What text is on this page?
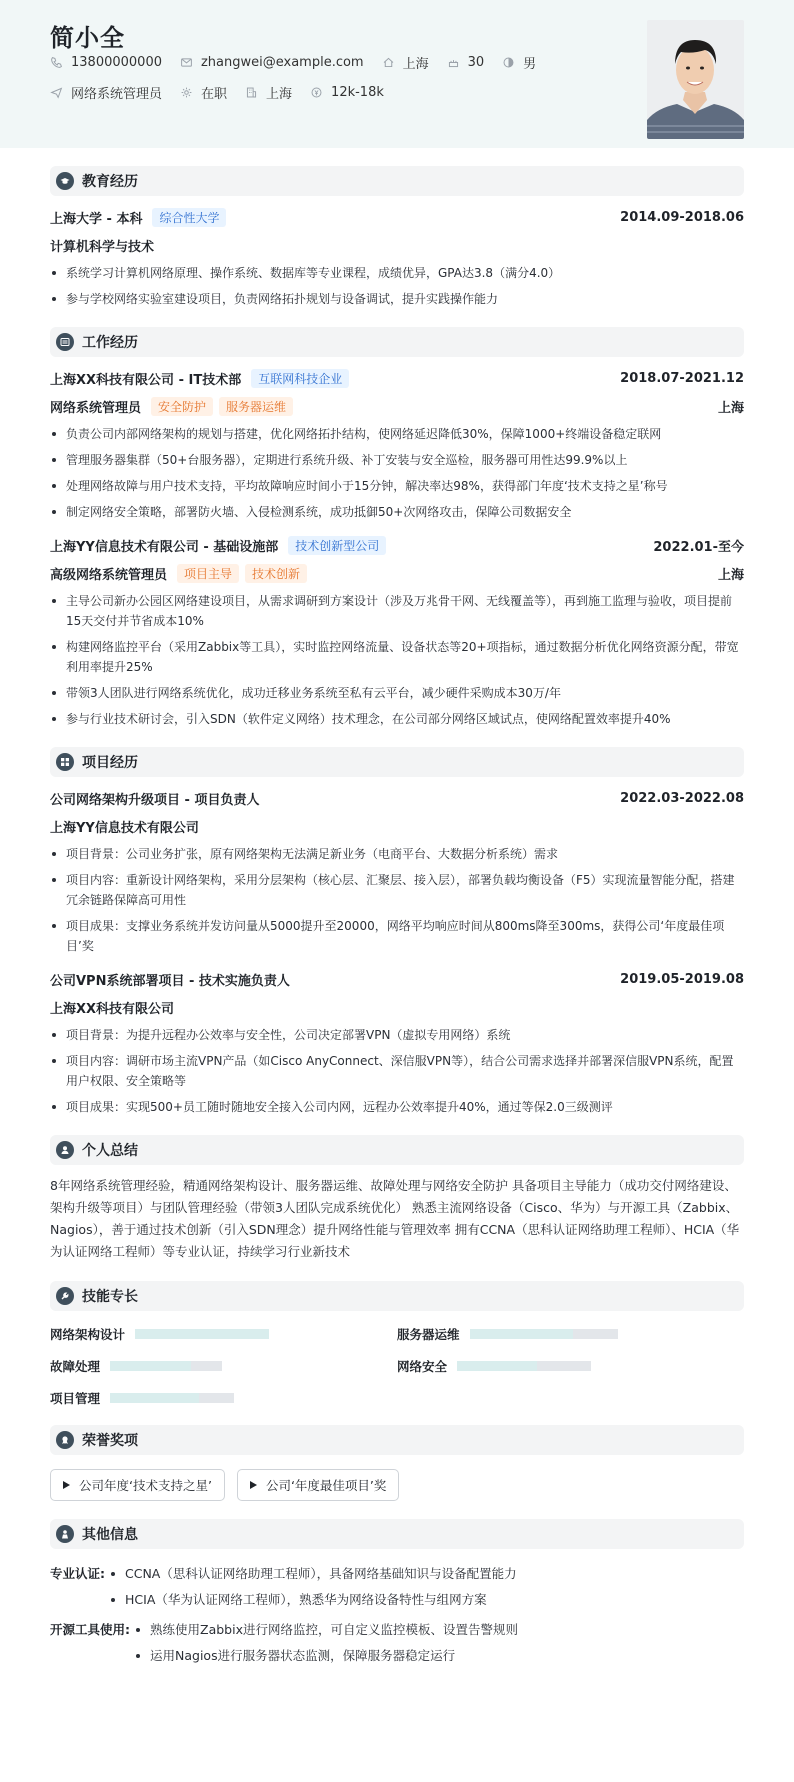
简小全
13800000000	zhangwei@example.com	上海	30	男
网络系统管理员	在职	上海	12k-18k
教育经历
上海大学 - 本科	综合性大学	2014.09-2018.06
计算机科学与技术
系统学习计算机网络原理、操作系统、数据库等专业课程，成绩优异，GPA达3.8（满分4.0）
参与学校网络实验室建设项目，负责网络拓扑规划与设备调试，提升实践操作能力
工作经历
上海XX科技有限公司 - IT技术部	互联网科技企业	2018.07-2021.12
网络系统管理员	安全防护	服务器运维	上海
负责公司内部网络架构的规划与搭建，优化网络拓扑结构，使网络延迟降低30%，保障1000+终端设备稳定联网
管理服务器集群（50+台服务器），定期进行系统升级、补丁安装与安全巡检，服务器可用性达99.9%以上
处理网络故障与用户技术支持，平均故障响应时间小于15分钟，解决率达98%，获得部门年度‘技术支持之星’称号
制定网络安全策略，部署防火墙、入侵检测系统，成功抵御50+次网络攻击，保障公司数据安全
上海YY信息技术有限公司 - 基础设施部	技术创新型公司	2022.01-至今
高级网络系统管理员	项目主导	技术创新	上海
主导公司新办公园区网络建设项目，从需求调研到方案设计（涉及万兆骨干网、无线覆盖等），再到施工监理与验收，项目提前15天交付并节省成本10%
构建网络监控平台（采用Zabbix等工具），实时监控网络流量、设备状态等20+项指标，通过数据分析优化网络资源分配，带宽利用率提升25%
带领3人团队进行网络系统优化，成功迁移业务系统至私有云平台，减少硬件采购成本30万/年
参与行业技术研讨会，引入SDN（软件定义网络）技术理念，在公司部分网络区域试点，使网络配置效率提升40%
项目经历
公司网络架构升级项目 - 项目负责人	2022.03-2022.08
上海YY信息技术有限公司
项目背景：公司业务扩张，原有网络架构无法满足新业务（电商平台、大数据分析系统）需求
项目内容：重新设计网络架构，采用分层架构（核心层、汇聚层、接入层），部署负载均衡设备（F5）实现流量智能分配，搭建冗余链路保障高可用性
项目成果：支撑业务系统并发访问量从5000提升至20000，网络平均响应时间从800ms降至300ms，获得公司‘年度最佳项目’奖
公司VPN系统部署项目 - 技术实施负责人	2019.05-2019.08
上海XX科技有限公司
项目背景：为提升远程办公效率与安全性，公司决定部署VPN（虚拟专用网络）系统
项目内容：调研市场主流VPN产品（如Cisco AnyConnect、深信服VPN等），结合公司需求选择并部署深信服VPN系统，配置用户权限、安全策略等
项目成果：实现500+员工随时随地安全接入公司内网，远程办公效率提升40%，通过等保2.0三级测评
个人总结
8年网络系统管理经验，精通网络架构设计、服务器运维、故障处理与网络安全防护 具备项目主导能力（成功交付网络建设、架构升级等项目）与团队管理经验（带领3人团队完成系统优化） 熟悉主流网络设备（Cisco、华为）与开源工具（Zabbix、Nagios），善于通过技术创新（引入SDN理念）提升网络性能与管理效率 拥有CCNA（思科认证网络助理工程师）、HCIA（华为认证网络工程师）等专业认证，持续学习行业新技术
技能专长
网络架构设计	服务器运维
故障处理	网络安全
项目管理
荣誉奖项
公司年度‘技术支持之星’	公司‘年度最佳项目’奖
其他信息
专业认证:	CCNA（思科认证网络助理工程师），具备网络基础知识与设备配置能力
HCIA（华为认证网络工程师），熟悉华为网络设备特性与组网方案
开源工具使用:	熟练使用Zabbix进行网络监控，可自定义监控模板、设置告警规则
运用Nagios进行服务器状态监测，保障服务器稳定运行
